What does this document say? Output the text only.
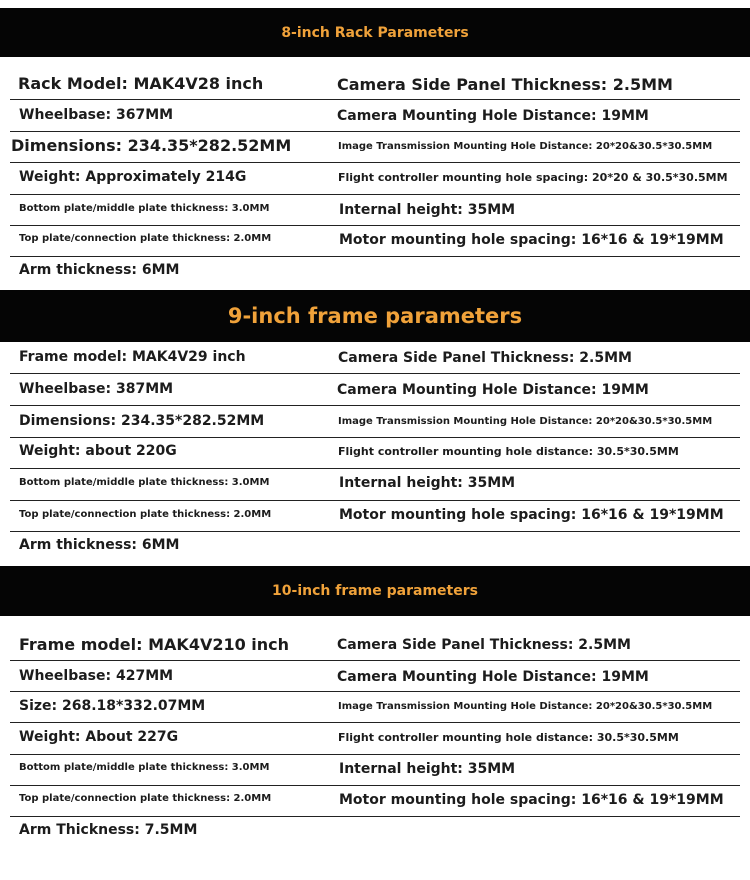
8-inch Rack Parameters
Rack Model: MAK4V28 inch	Camera Side Panel Thickness: 2.5MM
Wheelbase: 367MM	Camera Mounting Hole Distance: 19MM
Dimensions: 234.35*282.52MM	Image Transmission Mounting Hole Distance: 20*20&30.5*30.5MM
Weight: Approximately 214G	Flight controller mounting hole spacing: 20*20 & 30.5*30.5MM
Bottom plate/middle plate thickness: 3.0MM	Internal height: 35MM
Top plate/connection plate thickness: 2.0MM	Motor mounting hole spacing: 16*16 & 19*19MM
Arm thickness: 6MM
9-inch frame parameters
Frame model: MAK4V29 inch	Camera Side Panel Thickness: 2.5MM
Wheelbase: 387MM	Camera Mounting Hole Distance: 19MM
Dimensions: 234.35*282.52MM	Image Transmission Mounting Hole Distance: 20*20&30.5*30.5MM
Weight: about 220G	Flight controller mounting hole distance: 30.5*30.5MM
Bottom plate/middle plate thickness: 3.0MM	Internal height: 35MM
Top plate/connection plate thickness: 2.0MM	Motor mounting hole spacing: 16*16 & 19*19MM
Arm thickness: 6MM
10-inch frame parameters
Frame model: MAK4V210 inch	Camera Side Panel Thickness: 2.5MM
Wheelbase: 427MM	Camera Mounting Hole Distance: 19MM
Size: 268.18*332.07MM	Image Transmission Mounting Hole Distance: 20*20&30.5*30.5MM
Weight: About 227G	Flight controller mounting hole distance: 30.5*30.5MM
Bottom plate/middle plate thickness: 3.0MM	Internal height: 35MM
Top plate/connection plate thickness: 2.0MM	Motor mounting hole spacing: 16*16 & 19*19MM
Arm Thickness: 7.5MM
